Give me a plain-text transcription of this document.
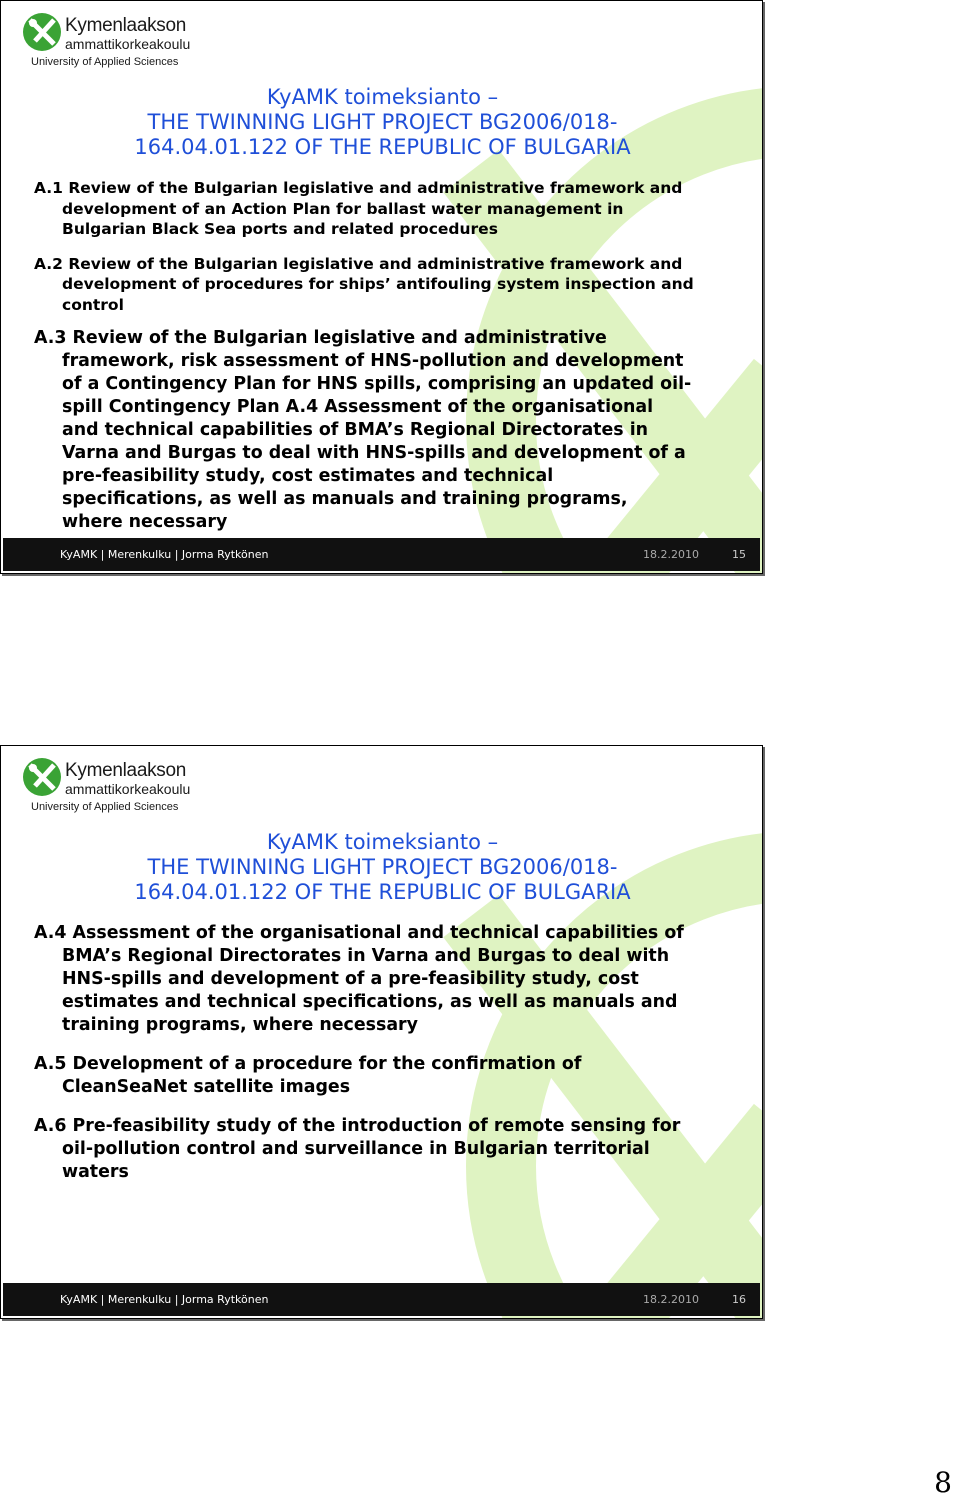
Kymenlaakson
ammattikorkeakoulu
University of Applied Sciences
KyAMK toimeksianto –
THE TWINNING LIGHT PROJECT BG2006/018-
164.04.01.122 OF THE REPUBLIC OF BULGARIA
A.1 Review of the Bulgarian legislative and administrative framework and
development of an Action Plan for ballast water management in
Bulgarian Black Sea ports and related procedures
A.2 Review of the Bulgarian legislative and administrative framework and
development of procedures for ships’ antifouling system inspection and
control
A.3 Review of the Bulgarian legislative and administrative
framework, risk assessment of HNS-pollution and development
of a Contingency Plan for HNS spills, comprising an updated oil-
spill Contingency Plan A.4 Assessment of the organisational
and technical capabilities of BMA’s Regional Directorates in
Varna and Burgas to deal with HNS-spills and development of a
pre-feasibility study, cost estimates and technical
specifications, as well as manuals and training programs,
where necessary
KyAMK | Merenkulku | Jorma Rytkönen	18.2.2010	15
Kymenlaakson
ammattikorkeakoulu
University of Applied Sciences
KyAMK toimeksianto –
THE TWINNING LIGHT PROJECT BG2006/018-
164.04.01.122 OF THE REPUBLIC OF BULGARIA
A.4 Assessment of the organisational and technical capabilities of
BMA’s Regional Directorates in Varna and Burgas to deal with
HNS-spills and development of a pre-feasibility study, cost
estimates and technical specifications, as well as manuals and
training programs, where necessary
A.5 Development of a procedure for the confirmation of
CleanSeaNet satellite images
A.6 Pre-feasibility study of the introduction of remote sensing for
oil-pollution control and surveillance in Bulgarian territorial
waters
KyAMK | Merenkulku | Jorma Rytkönen	18.2.2010	16
8
